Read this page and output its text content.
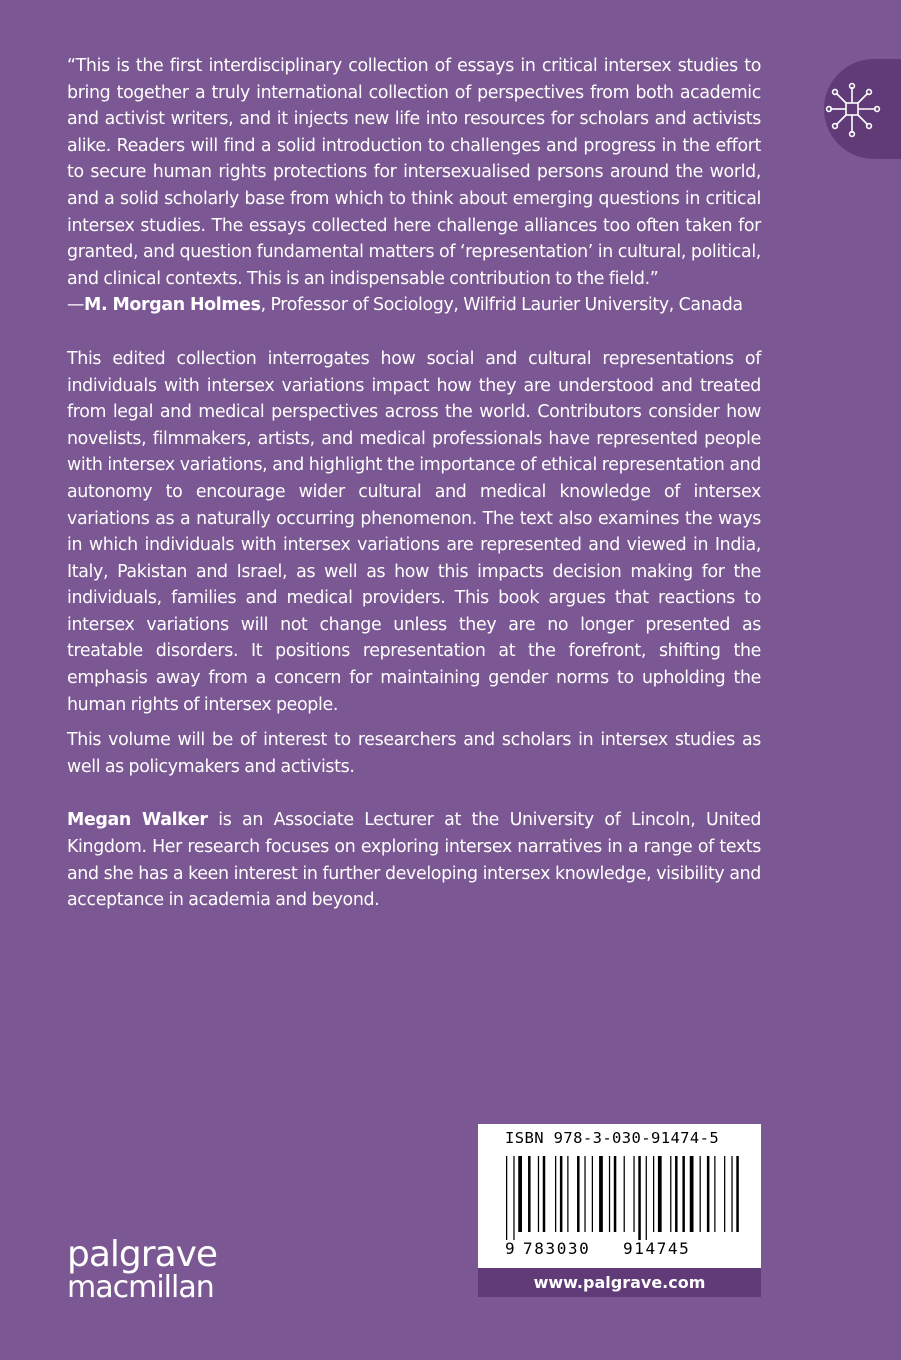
“This is the first interdisciplinary collection of essays in critical intersex studies to bring together a truly international collection of perspectives from both academic and activist writers, and it injects new life into resources for scholars and activists alike. Readers will find a solid introduction to challenges and progress in the effort to secure human rights protections for intersexualised persons around the world, and a solid scholarly base from which to think about emerging questions in critical intersex studies. The essays collected here challenge alliances too often taken for granted, and question fundamental matters of ‘representation’ in cultural, political, and clinical contexts. This is an indispensable contribution to the field.”

—M. Morgan Holmes, Professor of Sociology, Wilfrid Laurier University, Canada

This edited collection interrogates how social and cultural representations of individuals with intersex variations impact how they are understood and treated from legal and medical perspectives across the world. Contributors consider how novelists, filmmakers, artists, and medical professionals have represented people with intersex variations, and highlight the importance of ethical representation and autonomy to encourage wider cultural and medical knowledge of intersex variations as a naturally occurring phenomenon. The text also examines the ways in which individuals with intersex variations are represented and viewed in India, Italy, Pakistan and Israel, as well as how this impacts decision making for the individuals, families and medical providers. This book argues that reactions to intersex variations will not change unless they are no longer presented as treatable disorders. It positions representation at the forefront, shifting the emphasis away from a concern for maintaining gender norms to upholding the human rights of intersex people.

This volume will be of interest to researchers and scholars in intersex studies as well as policymakers and activists.

Megan Walker is an Associate Lecturer at the University of Lincoln, United Kingdom. Her research focuses on exploring intersex narratives in a range of texts and she has a keen interest in further developing intersex knowledge, visibility and acceptance in academia and beyond.

palgrave
macmillan
ISBN 978-3-030-91474-5
9 783030 914745
www.palgrave.com
